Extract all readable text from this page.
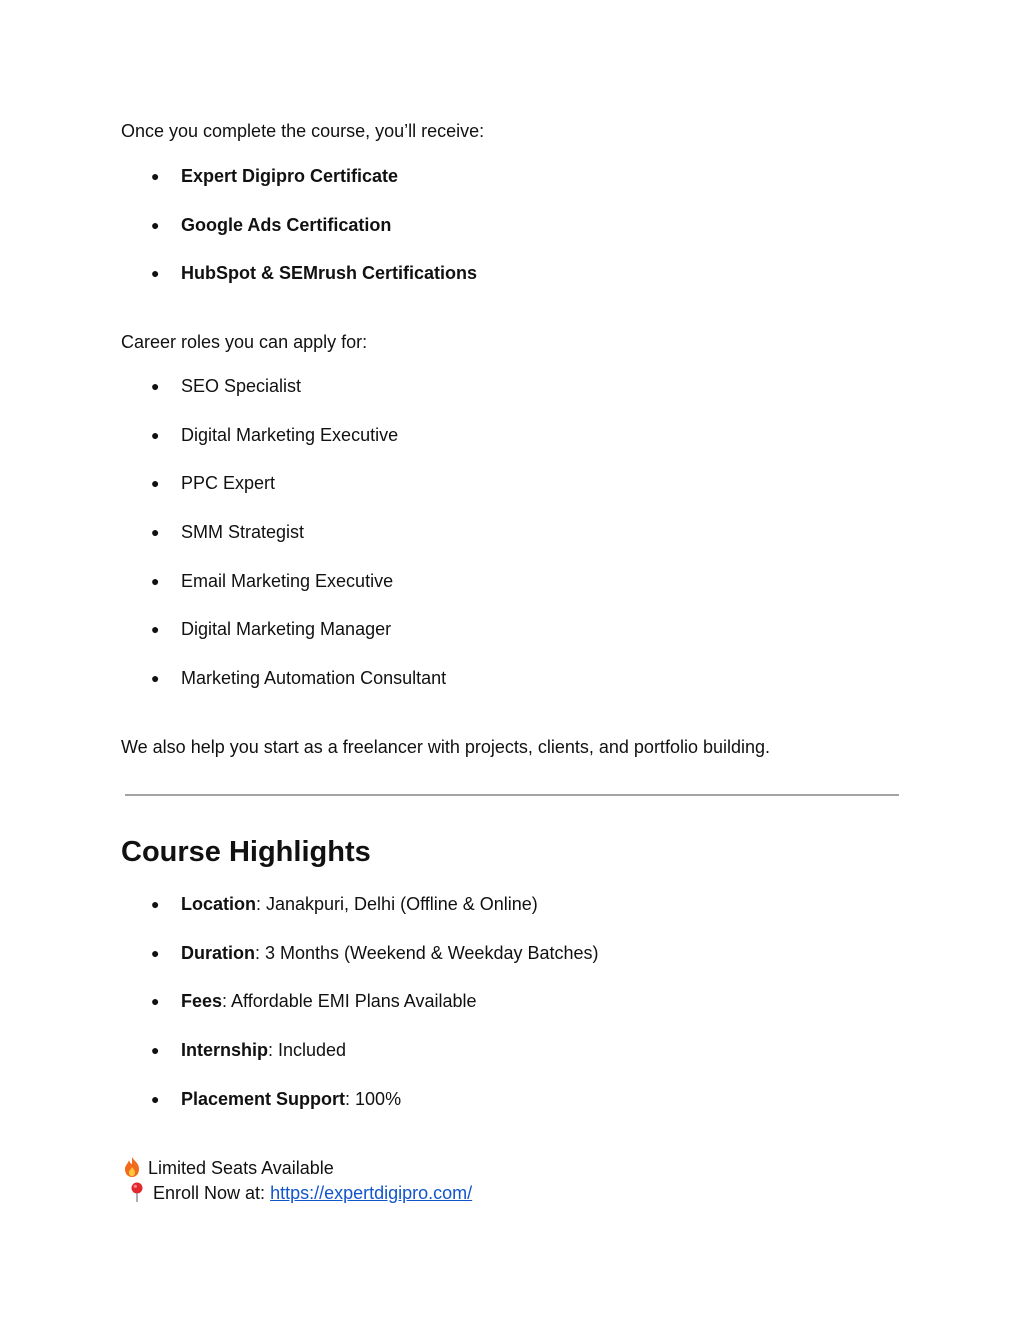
Once you complete the course, you’ll receive:

● Expert Digipro Certificate
● Google Ads Certification
● HubSpot & SEMrush Certifications

Career roles you can apply for:

● SEO Specialist
● Digital Marketing Executive
● PPC Expert
● SMM Strategist
● Email Marketing Executive
● Digital Marketing Manager
● Marketing Automation Consultant

We also help you start as a freelancer with projects, clients, and portfolio building.

Course Highlights
● Location: Janakpuri, Delhi (Offline & Online)
● Duration: 3 Months (Weekend & Weekday Batches)
● Fees: Affordable EMI Plans Available
● Internship: Included
● Placement Support: 100%
Limited Seats Available
Enroll Now at: https://expertdigipro.com/
